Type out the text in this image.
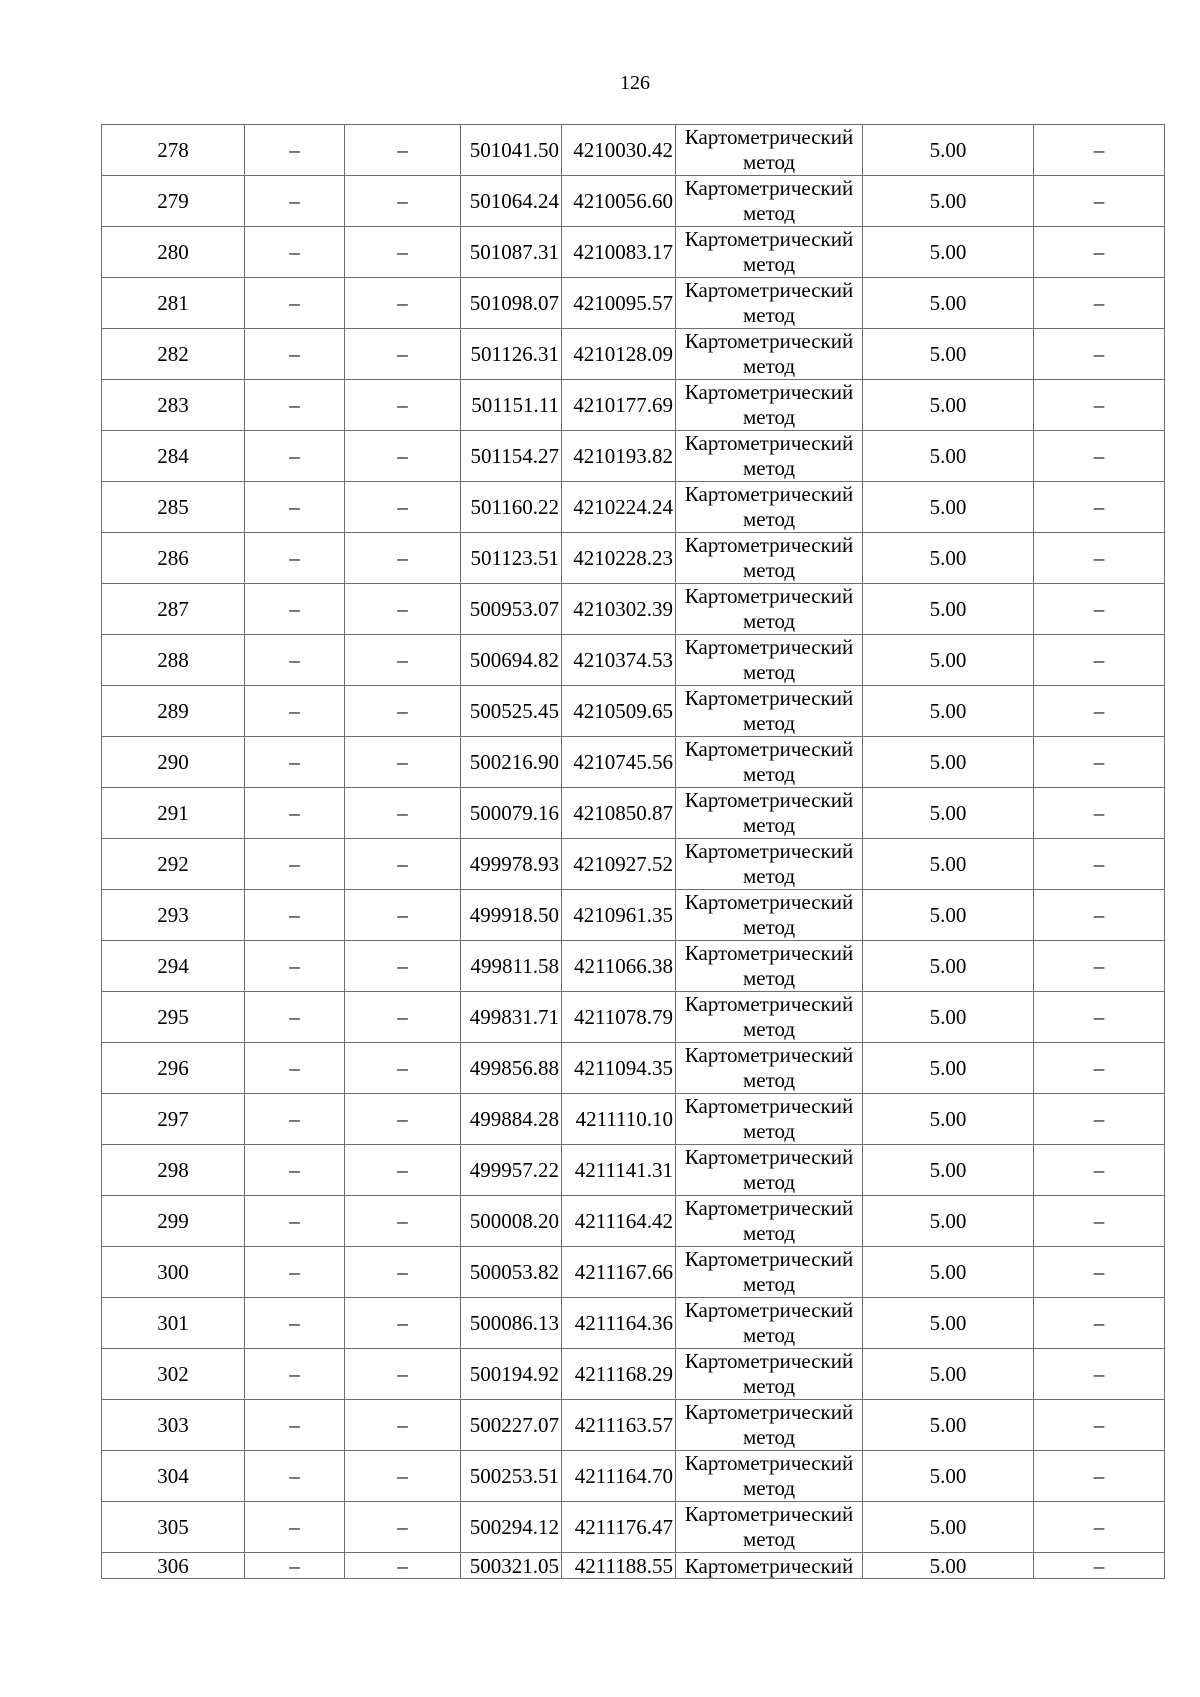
126
278	–	–	501041.50	4210030.42	Картометрический метод	5.00	–
279	–	–	501064.24	4210056.60	Картометрический метод	5.00	–
280	–	–	501087.31	4210083.17	Картометрический метод	5.00	–
281	–	–	501098.07	4210095.57	Картометрический метод	5.00	–
282	–	–	501126.31	4210128.09	Картометрический метод	5.00	–
283	–	–	501151.11	4210177.69	Картометрический метод	5.00	–
284	–	–	501154.27	4210193.82	Картометрический метод	5.00	–
285	–	–	501160.22	4210224.24	Картометрический метод	5.00	–
286	–	–	501123.51	4210228.23	Картометрический метод	5.00	–
287	–	–	500953.07	4210302.39	Картометрический метод	5.00	–
288	–	–	500694.82	4210374.53	Картометрический метод	5.00	–
289	–	–	500525.45	4210509.65	Картометрический метод	5.00	–
290	–	–	500216.90	4210745.56	Картометрический метод	5.00	–
291	–	–	500079.16	4210850.87	Картометрический метод	5.00	–
292	–	–	499978.93	4210927.52	Картометрический метод	5.00	–
293	–	–	499918.50	4210961.35	Картометрический метод	5.00	–
294	–	–	499811.58	4211066.38	Картометрический метод	5.00	–
295	–	–	499831.71	4211078.79	Картометрический метод	5.00	–
296	–	–	499856.88	4211094.35	Картометрический метод	5.00	–
297	–	–	499884.28	4211110.10	Картометрический метод	5.00	–
298	–	–	499957.22	4211141.31	Картометрический метод	5.00	–
299	–	–	500008.20	4211164.42	Картометрический метод	5.00	–
300	–	–	500053.82	4211167.66	Картометрический метод	5.00	–
301	–	–	500086.13	4211164.36	Картометрический метод	5.00	–
302	–	–	500194.92	4211168.29	Картометрический метод	5.00	–
303	–	–	500227.07	4211163.57	Картометрический метод	5.00	–
304	–	–	500253.51	4211164.70	Картометрический метод	5.00	–
305	–	–	500294.12	4211176.47	Картометрический метод	5.00	–
306	–	–	500321.05	4211188.55	Картометрический	5.00	–
